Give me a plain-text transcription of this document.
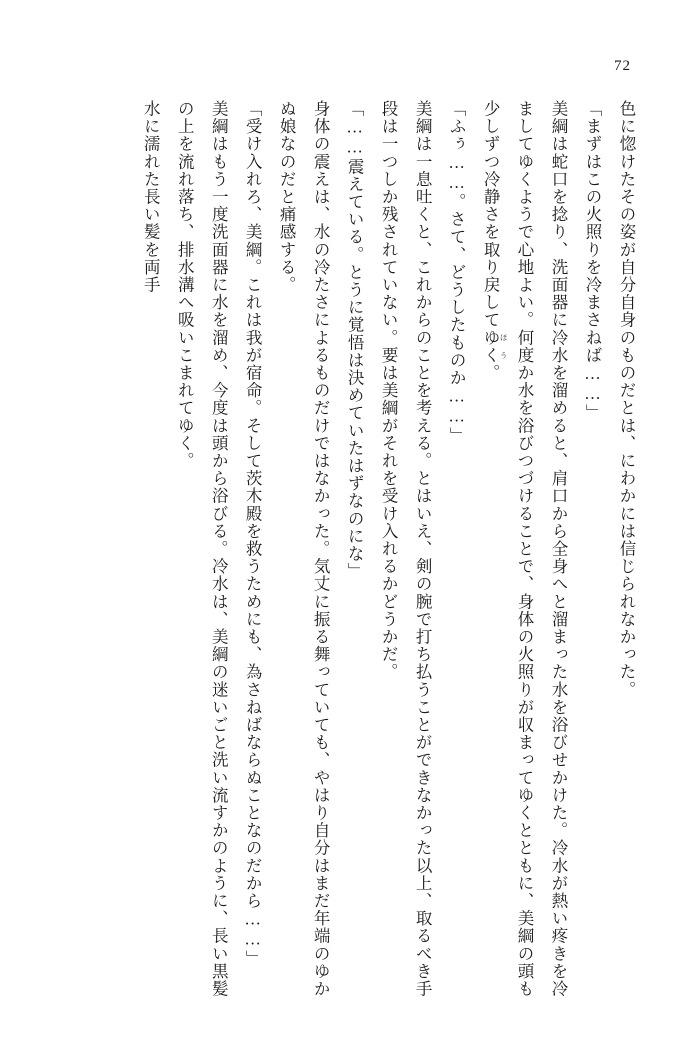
72

色に惚けたその姿が自分自身のものだとは、にわかには信じられなかった。

「まずはこの火照りを冷まさねば……」

美綱は蛇口を捻り、洗面器に冷水を溜めると、肩口から全身へと溜まった水を浴びせかけた。冷水が熱い疼きを冷ましてゆくようで心地よい。何度か水を浴びつづけることで、身体の火照りが収まってゆくとともに、美綱の頭も少しずつ冷静さを取り戻してゆく ほう。

「ふぅ……。さて、どうしたものか……」

美綱は一息吐くと、これからのことを考える。とはいえ、剣の腕で打ち払うことができなかった以上、取るべき手段は一つしか残されていない。要は美綱がそれを受け入れるかどうかだ。

「……震えている。とうに覚悟は決めていたはずなのにな」

身体の震えは、水の冷たさによるものだけではなかった。気丈に振る舞っていても、やはり自分はまだ年端のゆかぬ娘なのだと痛感する。

「受け入れろ、美綱。これは我が宿命。そして茨木殿を救うためにも、為さねばならぬことなのだから……」

美綱はもう一度洗面器に水を溜め、今度は頭から浴びる。冷水は、美綱の迷いごと洗い流すかのように、長い黒髪の上を流れ落ち、排水溝へ吸いこまれてゆく。

水に濡れた長い髪を両手
